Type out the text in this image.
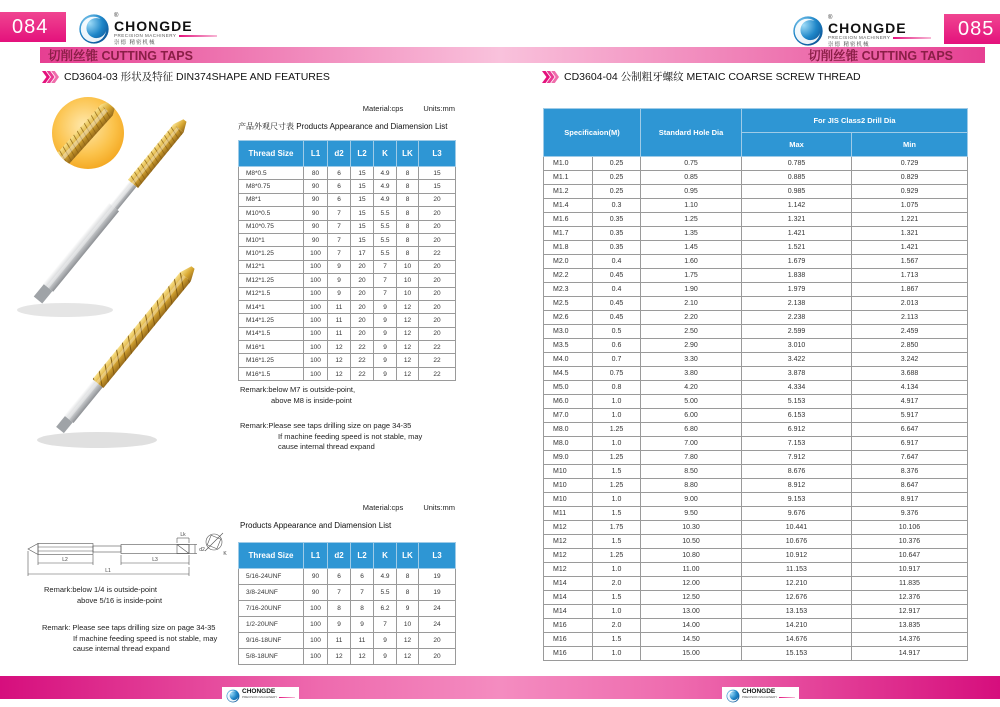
084	®
CHONGDE
PRECISION MACHINERY
崇德 精密机械
切削丝锥 CUTTING TAPS
CD3604-03 形状及特征 DIN374SHAPE AND FEATURES
Material:cps	Units:mm
产品外观尺寸表 Products Appearance and Diamension List
Thread Size	L1	d2	L2	K	LK	L3
M8*0.5	80	6	15	4.9	8	15
M8*0.75	90	6	15	4.9	8	15
M8*1	90	6	15	4.9	8	20
M10*0.5	90	7	15	5.5	8	20
M10*0.75	90	7	15	5.5	8	20
M10*1	90	7	15	5.5	8	20
M10*1.25	100	7	17	5.5	8	22
M12*1	100	9	20	7	10	20
M12*1.25	100	9	20	7	10	20
M12*1.5	100	9	20	7	10	20
M14*1	100	11	20	9	12	20
M14*1.25	100	11	20	9	12	20
M14*1.5	100	11	20	9	12	20
M16*1	100	12	22	9	12	22
M16*1.25	100	12	22	9	12	22
M16*1.5	100	12	22	9	12	22
Remark:below M7 is outside-point,
above M8 is inside-point
Remark:Please see taps drilling size on page 34-35
If machine feeding speed is not stable, may
cause internal thread expand
Lk
d2
K
L2	L3
L1
Remark:below 1/4 is outside-point
above 5/16 is inside-point
Remark: Please see taps drilling size on page 34-35
If machine feeding speed is not stable, may
cause internal thread expand
Material:cps	Units:mm
Products Appearance and Diamension List
Thread Size	L1	d2	L2	K	LK	L3
5/16-24UNF	90	6	6	4.9	8	19
3/8-24UNF	90	7	7	5.5	8	19
7/16-20UNF	100	8	8	6.2	9	24
1/2-20UNF	100	9	9	7	10	24
9/16-18UNF	100	11	11	9	12	20
5/8-18UNF	100	12	12	9	12	20
085
®
CHONGDE
PRECISION MACHINERY
崇德 精密机械
切削丝锥 CUTTING TAPS
CD3604-04 公制粗牙螺纹 METAIC COARSE SCREW THREAD
Specificaion(M)		Standard Hole Dia	For JIS Class2 Drill Dia	
			Max	Min
M1.0	0.25	0.75	0.785	0.729
M1.1	0.25	0.85	0.885	0.829
M1.2	0.25	0.95	0.985	0.929
M1.4	0.3	1.10	1.142	1.075
M1.6	0.35	1.25	1.321	1.221
M1.7	0.35	1.35	1.421	1.321
M1.8	0.35	1.45	1.521	1.421
M2.0	0.4	1.60	1.679	1.567
M2.2	0.45	1.75	1.838	1.713
M2.3	0.4	1.90	1.979	1.867
M2.5	0.45	2.10	2.138	2.013
M2.6	0.45	2.20	2.238	2.113
M3.0	0.5	2.50	2.599	2.459
M3.5	0.6	2.90	3.010	2.850
M4.0	0.7	3.30	3.422	3.242
M4.5	0.75	3.80	3.878	3.688
M5.0	0.8	4.20	4.334	4.134
M6.0	1.0	5.00	5.153	4.917
M7.0	1.0	6.00	6.153	5.917
M8.0	1.25	6.80	6.912	6.647
M8.0	1.0	7.00	7.153	6.917
M9.0	1.25	7.80	7.912	7.647
M10	1.5	8.50	8.676	8.376
M10	1.25	8.80	8.912	8.647
M10	1.0	9.00	9.153	8.917
M11	1.5	9.50	9.676	9.376
M12	1.75	10.30	10.441	10.106
M12	1.5	10.50	10.676	10.376
M12	1.25	10.80	10.912	10.647
M12	1.0	11.00	11.153	10.917
M14	2.0	12.00	12.210	11.835
M14	1.5	12.50	12.676	12.376
M14	1.0	13.00	13.153	12.917
M16	2.0	14.00	14.210	13.835
M16	1.5	14.50	14.676	14.376
M16	1.0	15.00	15.153	14.917
CHONGDE
PRECISION MACHINERY
CHONGDE
PRECISION MACHINERY
